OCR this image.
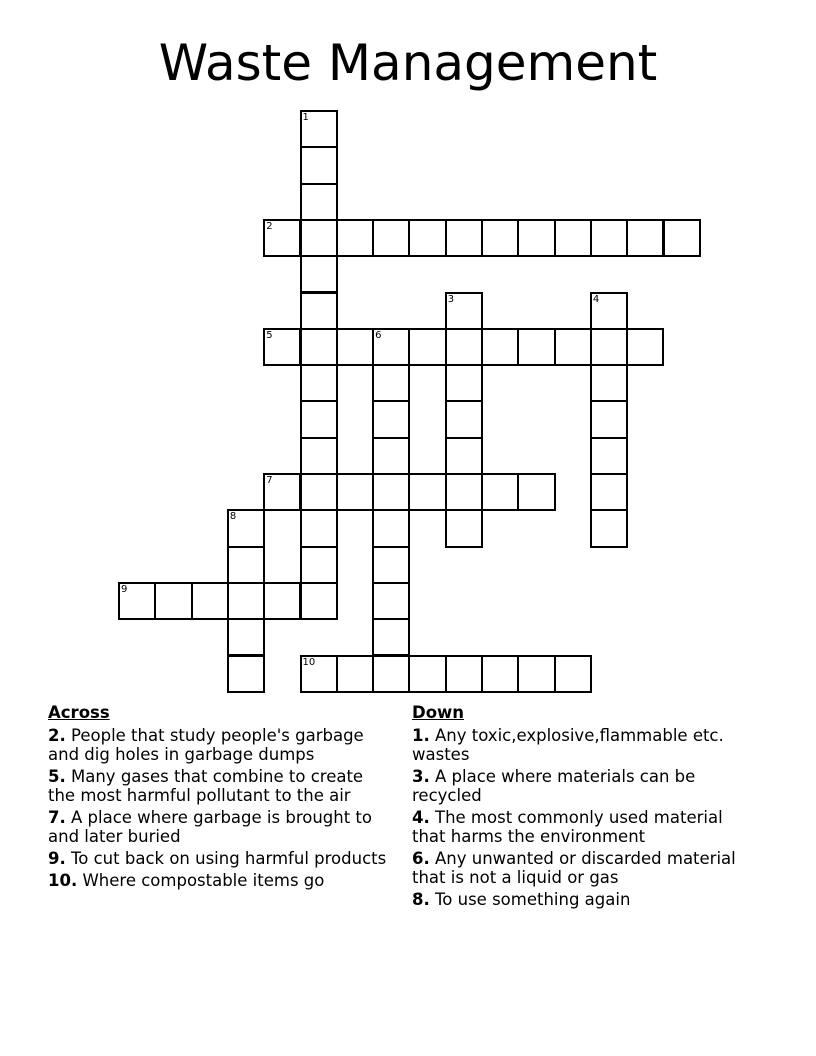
Waste Management
1
2
3	4
5	6
7
8
9
10
Across
2. People that study people's garbage and dig holes in garbage dumps
5. Many gases that combine to create the most harmful pollutant to the air
7. A place where garbage is brought to and later buried
9. To cut back on using harmful products
10. Where compostable items go
Down
1. Any toxic,explosive,flammable etc. wastes
3. A place where materials can be recycled
4. The most commonly used material that harms the environment
6. Any unwanted or discarded material that is not a liquid or gas
8. To use something again
